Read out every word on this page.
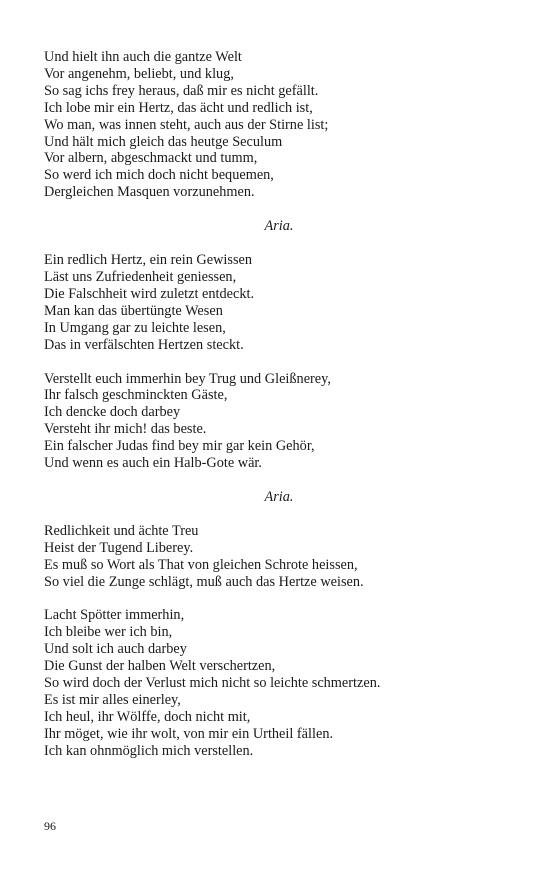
Und hielt ihn auch die gantze Welt
Vor angenehm, beliebt, und klug,
So sag ichs frey heraus, daß mir es nicht gefällt.
Ich lobe mir ein Hertz, das ächt und redlich ist,
Wo man, was innen steht, auch aus der Stirne list;
Und hält mich gleich das heutge Seculum
Vor albern, abgeschmackt und tumm,
So werd ich mich doch nicht bequemen,
Dergleichen Masquen vorzunehmen.

Aria.

Ein redlich Hertz, ein rein Gewissen
Läst uns Zufriedenheit geniessen,
Die Falschheit wird zuletzt entdeckt.
Man kan das übertüngte Wesen
In Umgang gar zu leichte lesen,
Das in verfälschten Hertzen steckt.
Verstellt euch immerhin bey Trug und Gleißnerey,
Ihr falsch geschminckten Gäste,
Ich dencke doch darbey
Versteht ihr mich! das beste.
Ein falscher Judas find bey mir gar kein Gehör,
Und wenn es auch ein Halb-Gote wär.

Aria.

Redlichkeit und ächte Treu
Heist der Tugend Liberey.
Es muß so Wort als That von gleichen Schrote heissen,
So viel die Zunge schlägt, muß auch das Hertze weisen.
Lacht Spötter immerhin,
Ich bleibe wer ich bin,
Und solt ich auch darbey
Die Gunst der halben Welt verschertzen,
So wird doch der Verlust mich nicht so leichte schmertzen.
Es ist mir alles einerley,
Ich heul, ihr Wölffe, doch nicht mit,
Ihr möget, wie ihr wolt, von mir ein Urtheil fällen.
Ich kan ohnmöglich mich verstellen.
96
